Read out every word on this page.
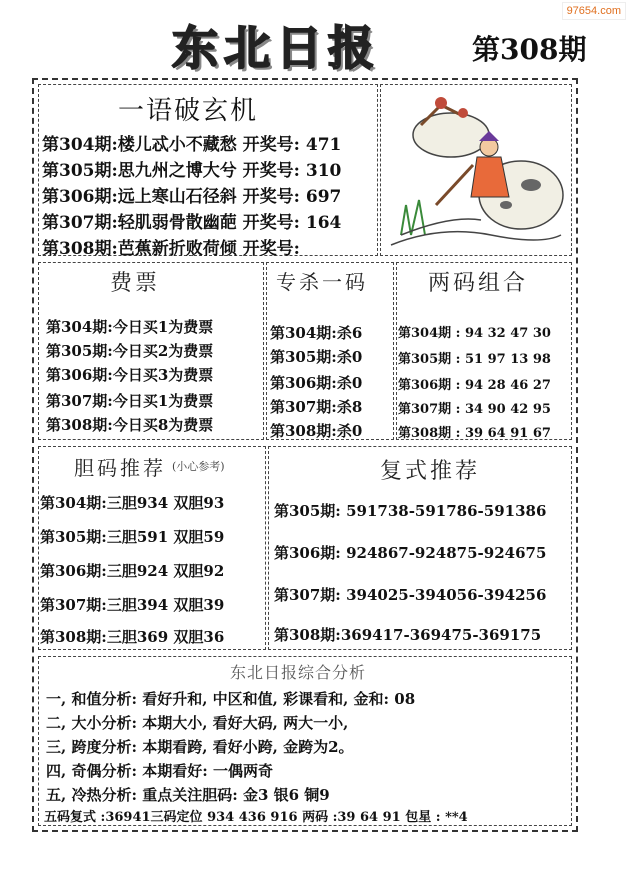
97654.com
东北日报	第308期
一语破玄机
第304期:楼儿忒小不藏愁 开奖号: 471
第305期:思九州之博大兮 开奖号: 310
第306期:远上寒山石径斜 开奖号: 697
第307期:轻肌弱骨散幽葩 开奖号: 164
第308期:芭蕉新折败荷倾 开奖号:
费票
第304期:今日买1为费票
第305期:今日买2为费票
第306期:今日买3为费票
第307期:今日买1为费票
第308期:今日买8为费票
专杀一码
第304期:杀6
第305期:杀0
第306期:杀0
第307期:杀8
第308期:杀0
两码组合
第304期 : 94 32 47 30
第305期 : 51 97 13 98
第306期 : 94 28 46 27
第307期 : 34 90 42 95
第308期 : 39 64 91 67
胆码推荐 (小心参考)
第304期:三胆934 双胆93
第305期:三胆591 双胆59
第306期:三胆924 双胆92
第307期:三胆394 双胆39
第308期:三胆369 双胆36
复式推荐
第305期: 591738-591786-591386
第306期: 924867-924875-924675
第307期: 394025-394056-394256
第308期:369417-369475-369175
东北日报综合分析
一, 和值分析: 看好升和, 中区和值, 彩课看和, 金和: 08
二, 大小分析: 本期大小, 看好大码, 两大一小,
三, 跨度分析: 本期看跨, 看好小跨, 金跨为2。
四, 奇偶分析: 本期看好: 一偶两奇
五, 冷热分析: 重点关注胆码: 金3 银6 铜9
五码复式 :36941三码定位 934 436 916 两码 :39 64 91 包星 : **4
